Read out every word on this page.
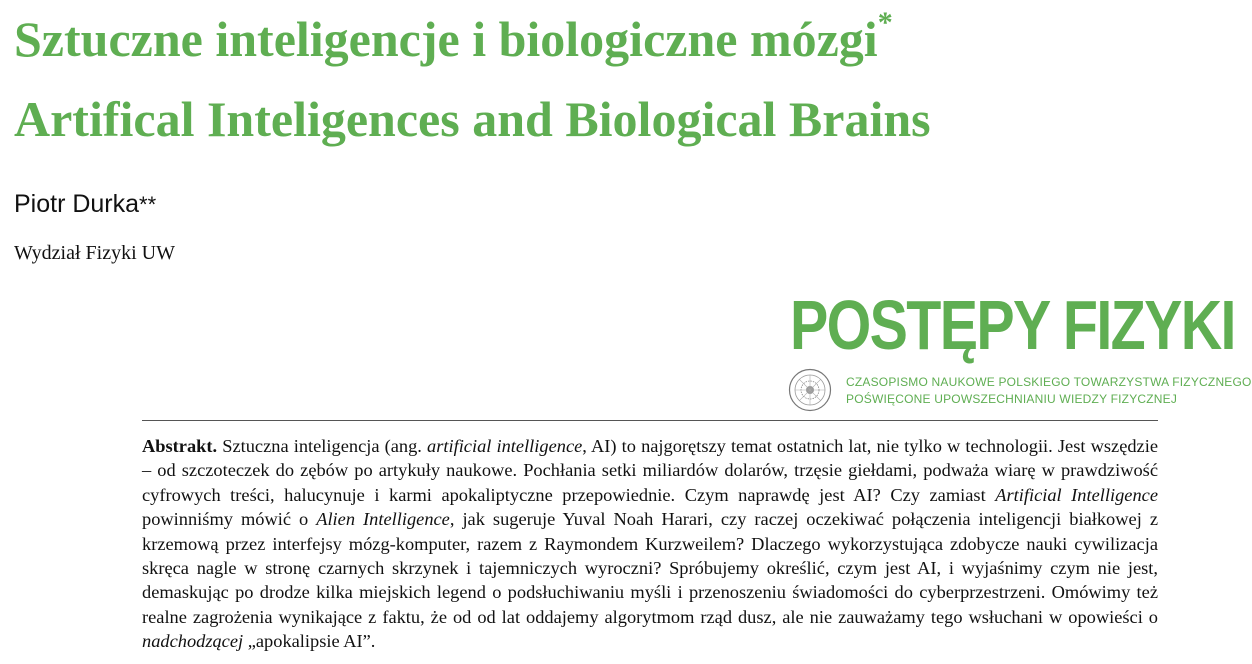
Sztuczne inteligencje i biologiczne mózgi*
Artifical Inteligences and Biological Brains
Piotr Durka**
Wydział Fizyki UW
POSTĘPY FIZYKI
CZASOPISMO NAUKOWE POLSKIEGO TOWARZYSTWA FIZYCZNEGO
POŚWIĘCONE UPOWSZECHNIANIU WIEDZY FIZYCZNEJ

Abstrakt. Sztuczna inteligencja (ang. artificial intelligence, AI) to najgorętszy temat ostatnich lat, nie tylko w technologii. Jest wszędzie – od szczoteczek do zębów po artykuły naukowe. Pochłania setki miliardów dolarów, trzęsie giełdami, podważa wiarę w prawdziwość cyfrowych treści, halucynuje i karmi apokaliptyczne przepowiednie. Czym naprawdę jest AI? Czy zamiast Artificial Intelligence powinniśmy mówić o Alien Intelligence, jak sugeruje Yuval Noah Harari, czy raczej oczekiwać połączenia inteligencji białkowej z krzemową przez interfejsy mózg-komputer, razem z Raymondem Kurzweilem? Dlaczego wykorzystująca zdobycze nauki cywilizacja skręca nagle w stronę czarnych skrzynek i tajemniczych wyroczni? Spróbujemy określić, czym jest AI, i wyjaśnimy czym nie jest, demaskując po drodze kilka miejskich legend o podsłuchiwaniu myśli i przenoszeniu świadomości do cyberprzestrzeni. Omówimy też realne zagrożenia wynikające z faktu, że od od lat oddajemy algorytmom rząd dusz, ale nie zauważamy tego wsłuchani w opowieści o nadchodzącej „apokalipsie AI”.
